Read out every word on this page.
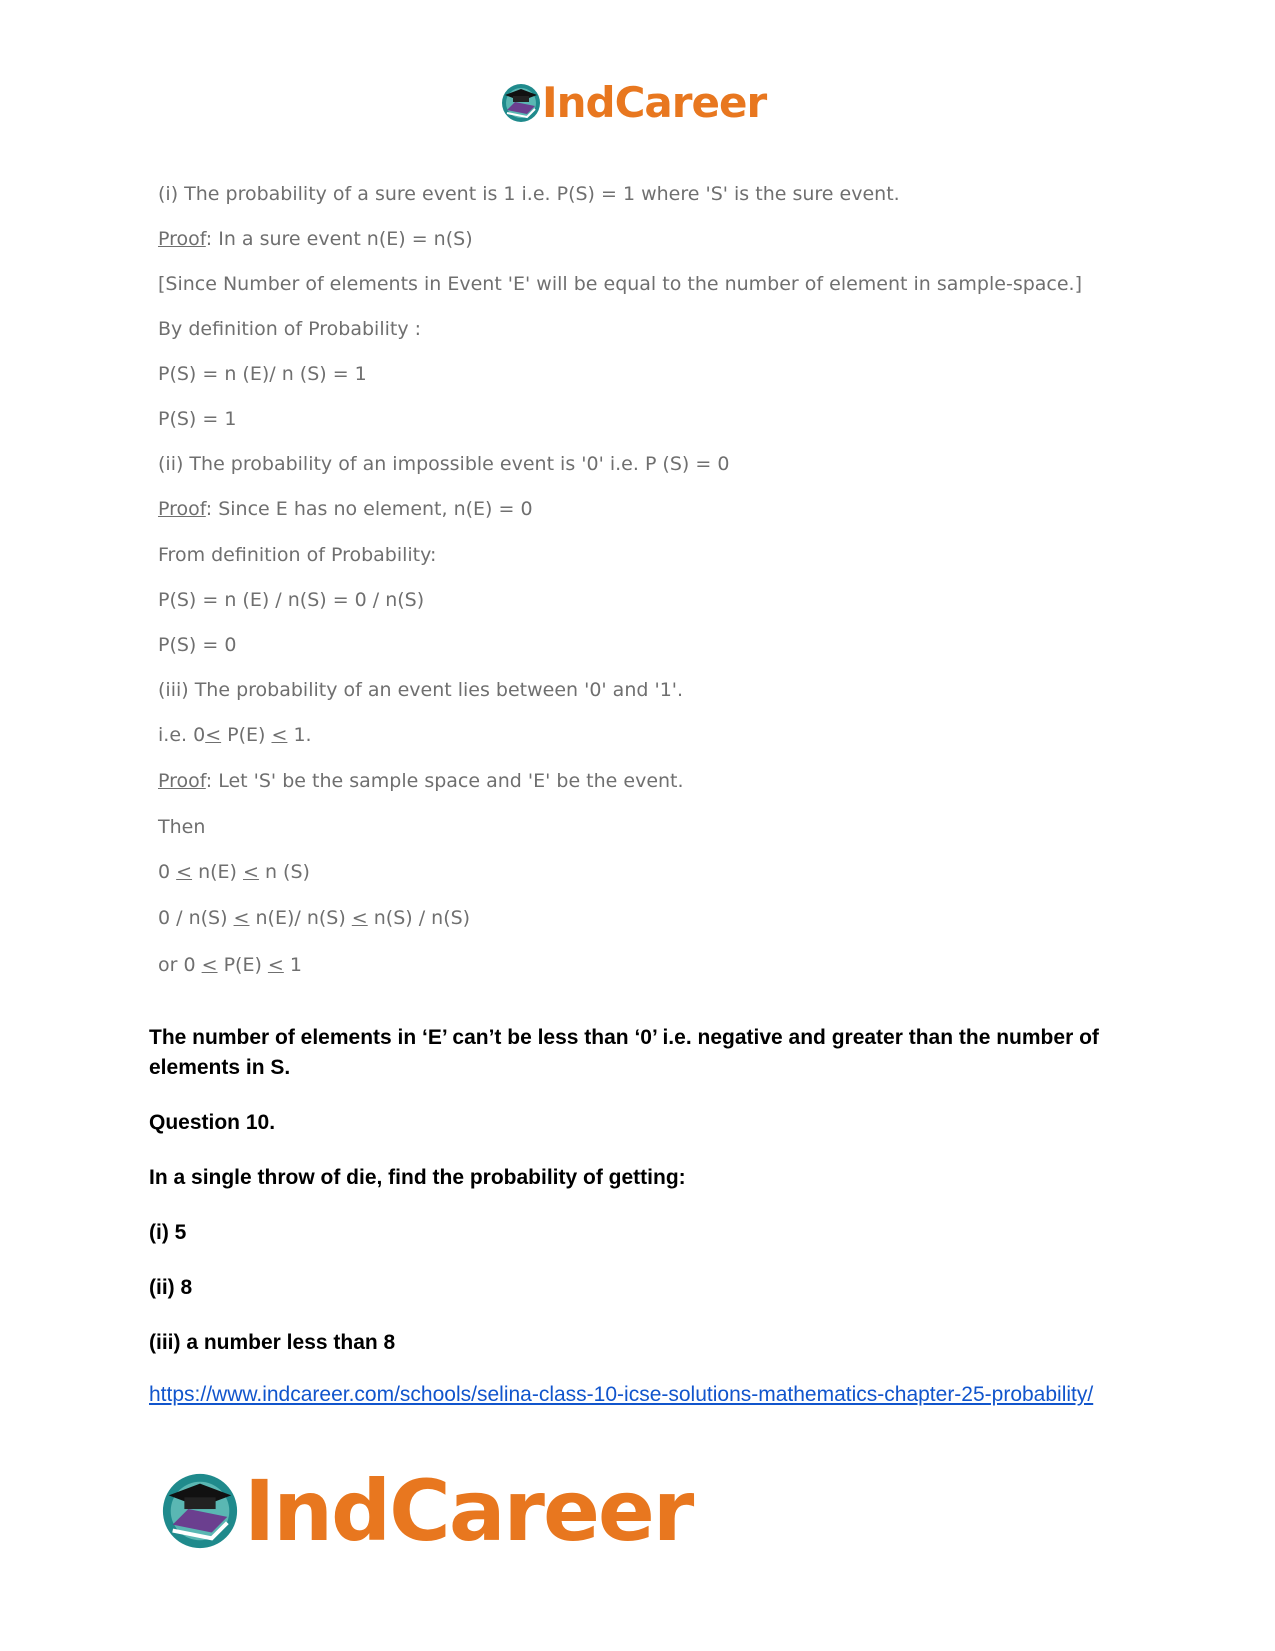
IndCareer
(i) The probability of a sure event is 1 i.e. P(S) = 1 where 'S' is the sure event.
Proof: In a sure event n(E) = n(S)
[Since Number of elements in Event 'E' will be equal to the number of element in sample-space.]
By definition of Probability :
P(S) = n (E)/ n (S) = 1
P(S) = 1
(ii) The probability of an impossible event is '0' i.e. P (S) = 0
Proof: Since E has no element, n(E) = 0
From definition of Probability:
P(S) = n (E) / n(S) = 0 / n(S)
P(S) = 0
(iii) The probability of an event lies between '0' and '1'.
i.e. 0< P(E) < 1.
Proof: Let 'S' be the sample space and 'E' be the event.
Then
0 < n(E) < n (S)
0 / n(S) < n(E)/ n(S) < n(S) / n(S)
or 0 < P(E) < 1
The number of elements in ‘E’ can’t be less than ‘0’ i.e. negative and greater than the number of elements in S.
Question 10.
In a single throw of die, find the probability of getting:
(i) 5
(ii) 8
(iii) a number less than 8
https://www.indcareer.com/schools/selina-class-10-icse-solutions-mathematics-chapter-25-probability/
IndCareer
